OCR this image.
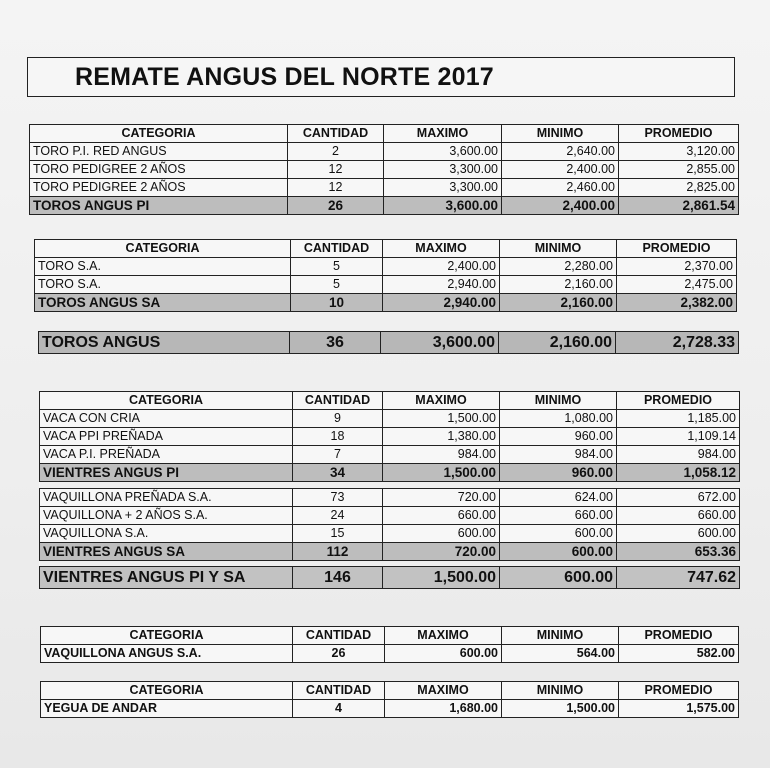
REMATE ANGUS DEL NORTE 2017
CATEGORIA	CANTIDAD	MAXIMO	MINIMO	PROMEDIO
TORO P.I. RED ANGUS	2	3,600.00	2,640.00	3,120.00
TORO PEDIGREE 2 AÑOS	12	3,300.00	2,400.00	2,855.00
TORO PEDIGREE 2 AÑOS	12	3,300.00	2,460.00	2,825.00
TOROS ANGUS PI	26	3,600.00	2,400.00	2,861.54
CATEGORIA	CANTIDAD	MAXIMO	MINIMO	PROMEDIO
TORO S.A.	5	2,400.00	2,280.00	2,370.00
TORO S.A.	5	2,940.00	2,160.00	2,475.00
TOROS ANGUS SA	10	2,940.00	2,160.00	2,382.00
TOROS ANGUS	36	3,600.00	2,160.00	2,728.33
CATEGORIA	CANTIDAD	MAXIMO	MINIMO	PROMEDIO
VACA CON CRIA	9	1,500.00	1,080.00	1,185.00
VACA PPI PREÑADA	18	1,380.00	960.00	1,109.14
VACA P.I. PREÑADA	7	984.00	984.00	984.00
VIENTRES ANGUS PI	34	1,500.00	960.00	1,058.12

VAQUILLONA PREÑADA S.A.	73	720.00	624.00	672.00
VAQUILLONA + 2 AÑOS S.A.	24	660.00	660.00	660.00
VAQUILLONA S.A.	15	600.00	600.00	600.00
VIENTRES ANGUS SA	112	720.00	600.00	653.36

VIENTRES ANGUS PI Y SA	146	1,500.00	600.00	747.62
CATEGORIA	CANTIDAD	MAXIMO	MINIMO	PROMEDIO
VAQUILLONA ANGUS S.A.	26	600.00	564.00	582.00
CATEGORIA	CANTIDAD	MAXIMO	MINIMO	PROMEDIO
YEGUA DE ANDAR	4	1,680.00	1,500.00	1,575.00
